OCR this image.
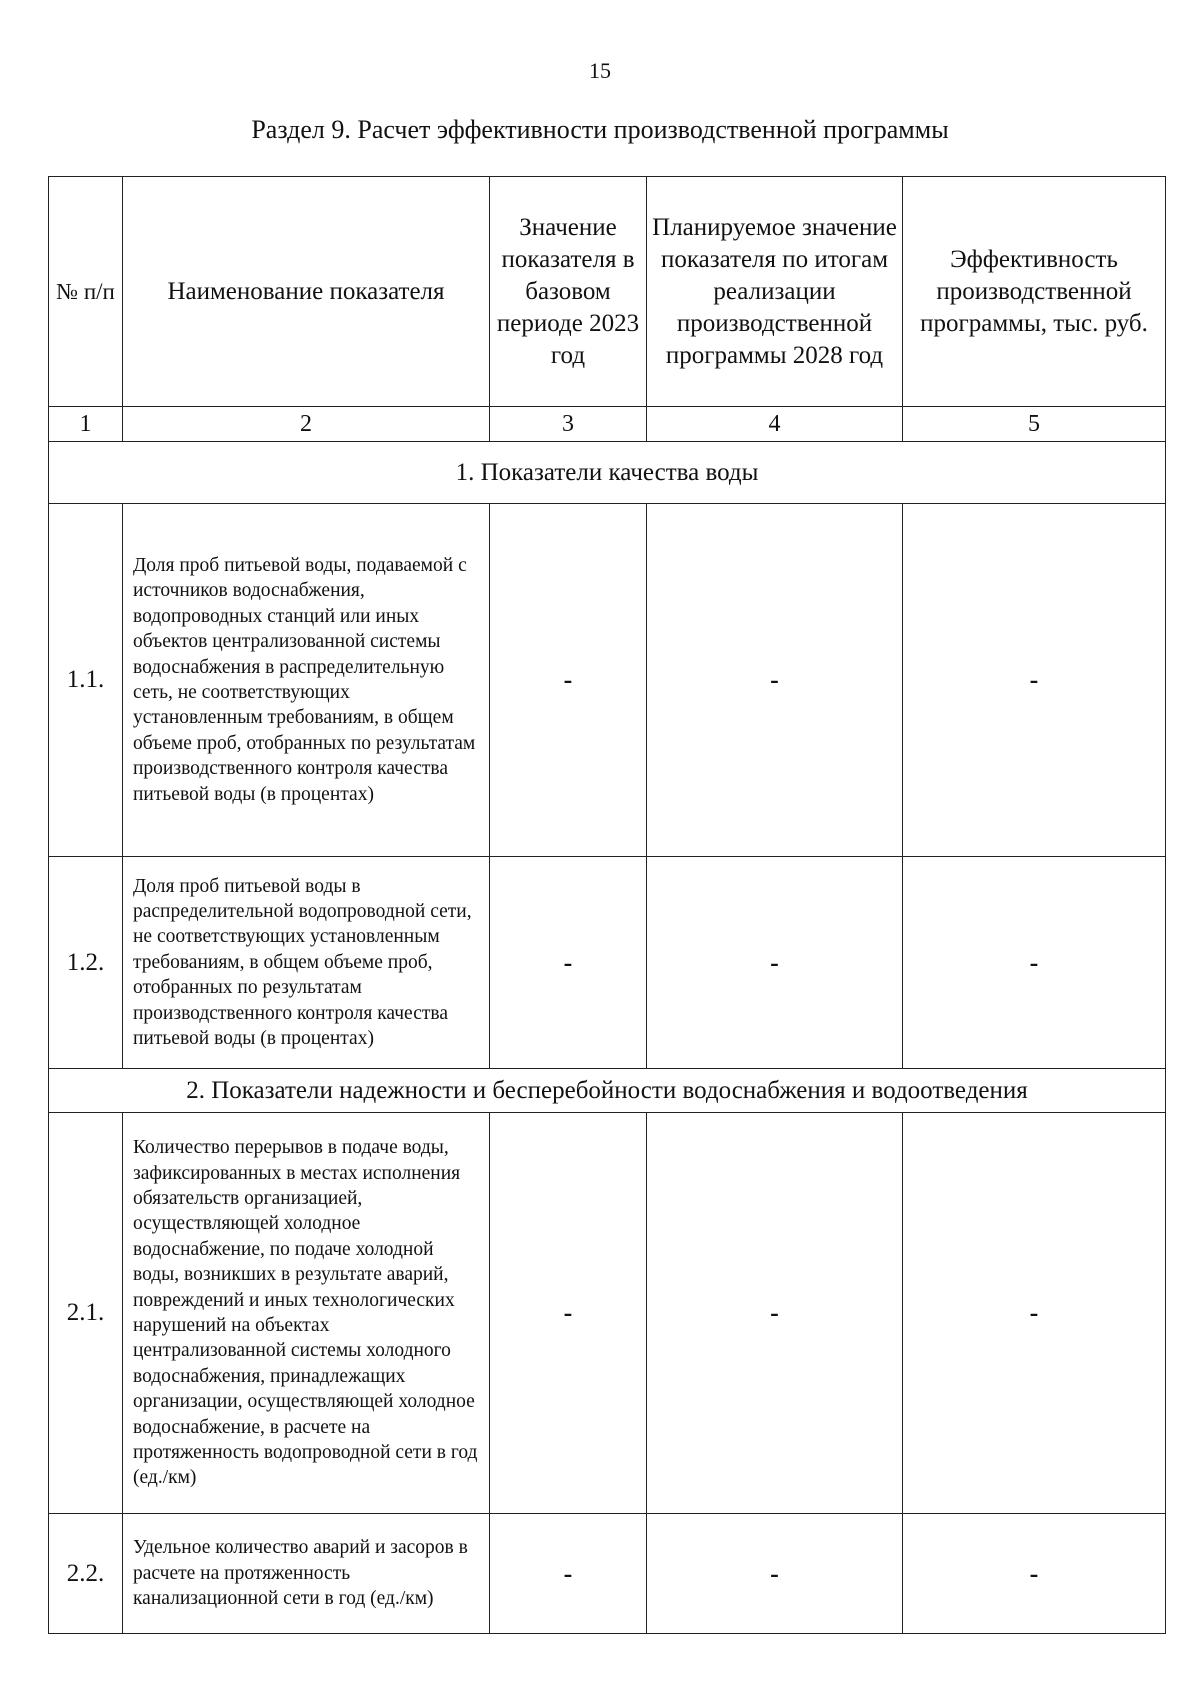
15
Раздел 9. Расчет эффективности производственной программы
№ п/п	Наименование показателя	Значение показателя в базовом периоде 2023 год	Планируемое значение показателя по итогам реализации производственной программы 2028 год	Эффективность производственной программы, тыс. руб.
1	2	3	4	5
1. Показатели качества воды				
1.1.	Доля проб питьевой воды, подаваемой с источников водоснабжения, водопроводных станций или иных объектов централизованной системы водоснабжения в распределительную сеть, не соответствующих установленным требованиям, в общем объеме проб, отобранных по результатам производственного контроля качества питьевой воды (в процентах)	-	-	-
1.2.	Доля проб питьевой воды в распределительной водопроводной сети, не соответствующих установленным требованиям, в общем объеме проб, отобранных по результатам производственного контроля качества питьевой воды (в процентах)	-	-	-
2. Показатели надежности и бесперебойности водоснабжения и водоотведения				
2.1.	Количество перерывов в подаче воды, зафиксированных в местах исполнения обязательств организацией, осуществляющей холодное водоснабжение, по подаче холодной воды, возникших в результате аварий, повреждений и иных технологических нарушений на объектах централизованной системы холодного водоснабжения, принадлежащих организации, осуществляющей холодное водоснабжение, в расчете на протяженность водопроводной сети в год (ед./км)	-	-	-
2.2.	Удельное количество аварий и засоров в расчете на протяженность канализационной сети в год (ед./км)	-	-	-
